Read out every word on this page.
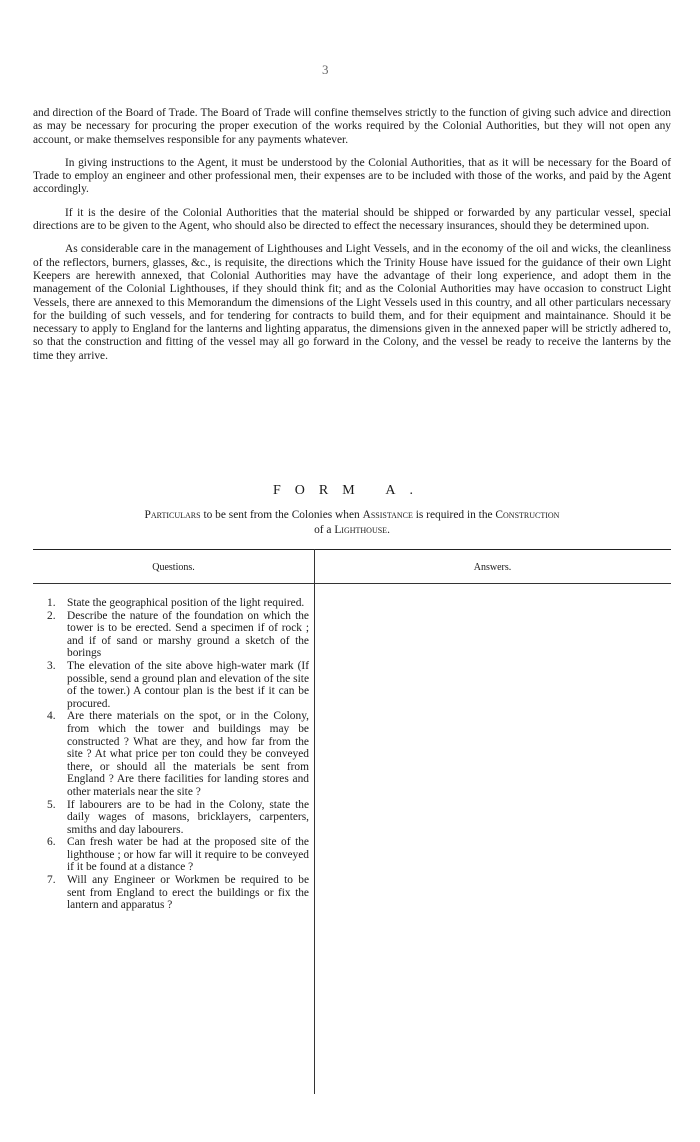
3

and direction of the Board of Trade. The Board of Trade will confine themselves strictly to the function of giving such advice and direction as may be necessary for procuring the proper execution of the works required by the Colonial Authorities, but they will not open any account, or make themselves responsible for any payments whatever.

In giving instructions to the Agent, it must be understood by the Colonial Authorities, that as it will be necessary for the Board of Trade to employ an engineer and other professional men, their expenses are to be included with those of the works, and paid by the Agent accordingly.

If it is the desire of the Colonial Authorities that the material should be shipped or forwarded by any particular vessel, special directions are to be given to the Agent, who should also be directed to effect the necessary insurances, should they be determined upon.

As considerable care in the management of Lighthouses and Light Vessels, and in the economy of the oil and wicks, the cleanliness of the reflectors, burners, glasses, &c., is requisite, the directions which the Trinity House have issued for the guidance of their own Light Keepers are herewith annexed, that Colonial Authorities may have the advantage of their long experience, and adopt them in the management of the Colonial Lighthouses, if they should think fit; and as the Colonial Authorities may have occasion to construct Light Vessels, there are annexed to this Memorandum the dimensions of the Light Vessels used in this country, and all other particulars necessary for the building of such vessels, and for tendering for contracts to build them, and for their equipment and maintainance. Should it be necessary to apply to England for the lanterns and lighting apparatus, the dimensions given in the annexed paper will be strictly adhered to, so that the construction and fitting of the vessel may all go forward in the Colony, and the vessel be ready to receive the lanterns by the time they arrive.

FORM A.
Particulars to be sent from the Colonies when Assistance is required in the Construction
of a Lighthouse.
Questions.	Answers.
1. State the geographical position of the light required.
2. Describe the nature of the foundation on which the tower is to be erected. Send a specimen if of rock ; and if of sand or marshy ground a sketch of the borings
3. The elevation of the site above high-water mark (If possible, send a ground plan and elevation of the site of the tower.) A contour plan is the best if it can be procured.
4. Are there materials on the spot, or in the Colony, from which the tower and buildings may be constructed ? What are they, and how far from the site ? At what price per ton could they be conveyed there, or should all the materials be sent from England ? Are there facilities for landing stores and other materials near the site ?
5. If labourers are to be had in the Colony, state the daily wages of masons, bricklayers, carpenters, smiths and day labourers.
6. Can fresh water be had at the proposed site of the lighthouse ; or how far will it require to be conveyed if it be found at a distance ?
7. Will any Engineer or Workmen be required to be sent from England to erect the buildings or fix the lantern and apparatus ?
